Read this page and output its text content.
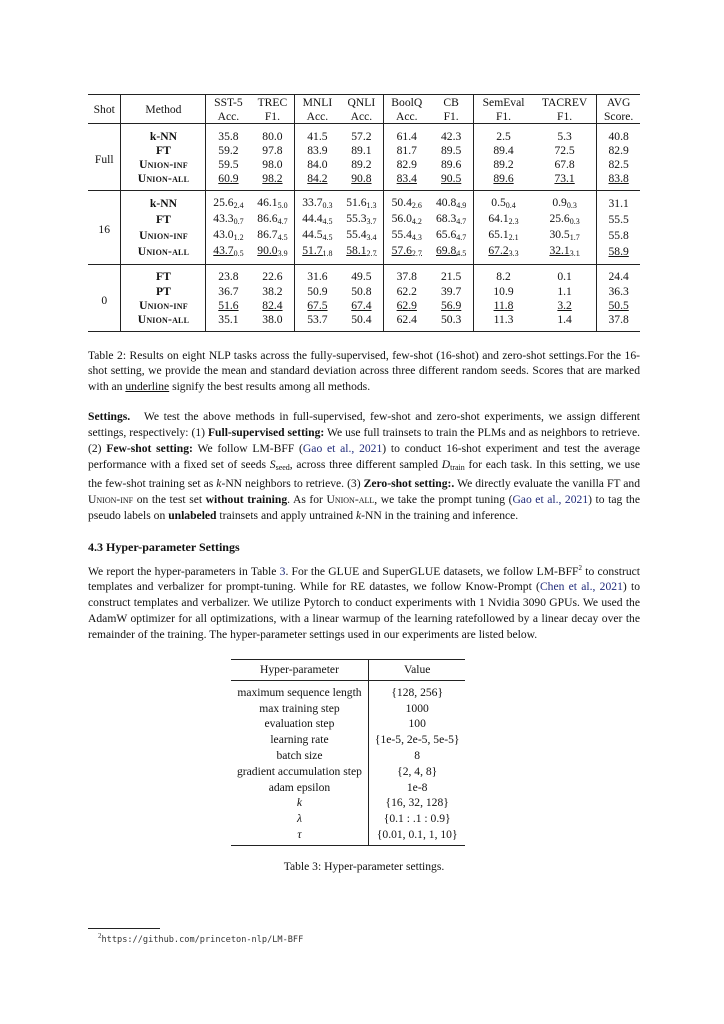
Shot	Method	SST-5	TREC	MNLI	QNLI	BoolQ	CB	SemEval	TACREV	AVG
		Acc.	F1.	Acc.	Acc.	Acc.	F1.	F1.	F1.	Score.
Full	k-NN	35.8	80.0	41.5	57.2	61.4	42.3	2.5	5.3	40.8
	FT	59.2	97.8	83.9	89.1	81.7	89.5	89.4	72.5	82.9
	Union-inf	59.5	98.0	84.0	89.2	82.9	89.6	89.2	67.8	82.5
	Union-all	60.9	98.2	84.2	90.8	83.4	90.5	89.6	73.1	83.8
16	k-NN	$25.6_{2.4}$	$46.1_{5.0}$	$33.7_{0.3}$	$51.6_{1.3}$	$50.4_{2.6}$	$40.8_{4.9}$	$0.5_{0.4}$	$0.9_{0.3}$	31.1
	FT	$43.3_{0.7}$	$86.6_{4.7}$	$44.4_{4.5}$	$55.3_{3.7}$	$56.0_{4.2}$	$68.3_{4.7}$	$64.1_{2.3}$	$25.6_{0.3}$	55.5
	Union-inf	$43.0_{1.2}$	$86.7_{4.5}$	$44.5_{4.5}$	$55.4_{3.4}$	$55.4_{4.3}$	$65.6_{4.7}$	$65.1_{2.1}$	$30.5_{1.7}$	55.8
	Union-all	$43.7_{0.5}$	$90.0_{3.9}$	$51.7_{1.8}$	$58.1_{2.7}$	$57.6_{2.7}$	$69.8_{4.5}$	$67.2_{3.3}$	$32.1_{3.1}$	58.9
0	FT	23.8	22.6	31.6	49.5	37.8	21.5	8.2	0.1	24.4
	PT	36.7	38.2	50.9	50.8	62.2	39.7	10.9	1.1	36.3
	Union-inf	51.6	82.4	67.5	67.4	62.9	56.9	11.8	3.2	50.5
	Union-all	35.1	38.0	53.7	50.4	62.4	50.3	11.3	1.4	37.8

Table 2: Results on eight NLP tasks across the fully-supervised, few-shot (16-shot) and zero-shot settings.For the 16-shot setting, we provide the mean and standard deviation across three different random seeds. Scores that are marked with an underline signify the best results among all methods.

Settings. We test the above methods in full-supervised, few-shot and zero-shot experiments, we assign different settings, respectively: (1) Full-supervised setting: We use full trainsets to train the PLMs and as neighbors to retrieve. (2) Few-shot setting: We follow LM-BFF (Gao et al., 2021) to conduct 16-shot experiment and test the average performance with a fixed set of seeds $S_{seed}$, across three different sampled $D_{train}$ for each task. In this setting, we use the few-shot training set as k-NN neighbors to retrieve. (3) Zero-shot setting:. We directly evaluate the vanilla FT and Union-inf on the test set without training. As for Union-all, we take the prompt tuning (Gao et al., 2021) to tag the pseudo labels on unlabeled trainsets and apply untrained k-NN in the training and inference.

4.3 Hyper-parameter Settings

We report the hyper-parameters in Table 3. For the GLUE and SuperGLUE datasets, we follow LM-BFF$^2$ to construct templates and verbalizer for prompt-tuning. While for RE datastes, we follow Know-Prompt (Chen et al., 2021) to construct templates and verbalizer. We utilize Pytorch to conduct experiments with 1 Nvidia 3090 GPUs. We used the AdamW optimizer for all optimizations, with a linear warmup of the learning ratefollowed by a linear decay over the remainder of the training. The hyper-parameter settings used in our experiments are listed below.

Hyper-parameter	Value
maximum sequence length	{128, 256}
max training step	1000
evaluation step	100
learning rate	{1e-5, 2e-5, 5e-5}
batch size	8
gradient accumulation step	{2, 4, 8}
adam epsilon	1e-8
k	{16, 32, 128}
λ	{0.1 : .1 : 0.9}
τ	{0.01, 0.1, 1, 10}
Table 3: Hyper-parameter settings.
$^2$https://github.com/princeton-nlp/LM-BFF
